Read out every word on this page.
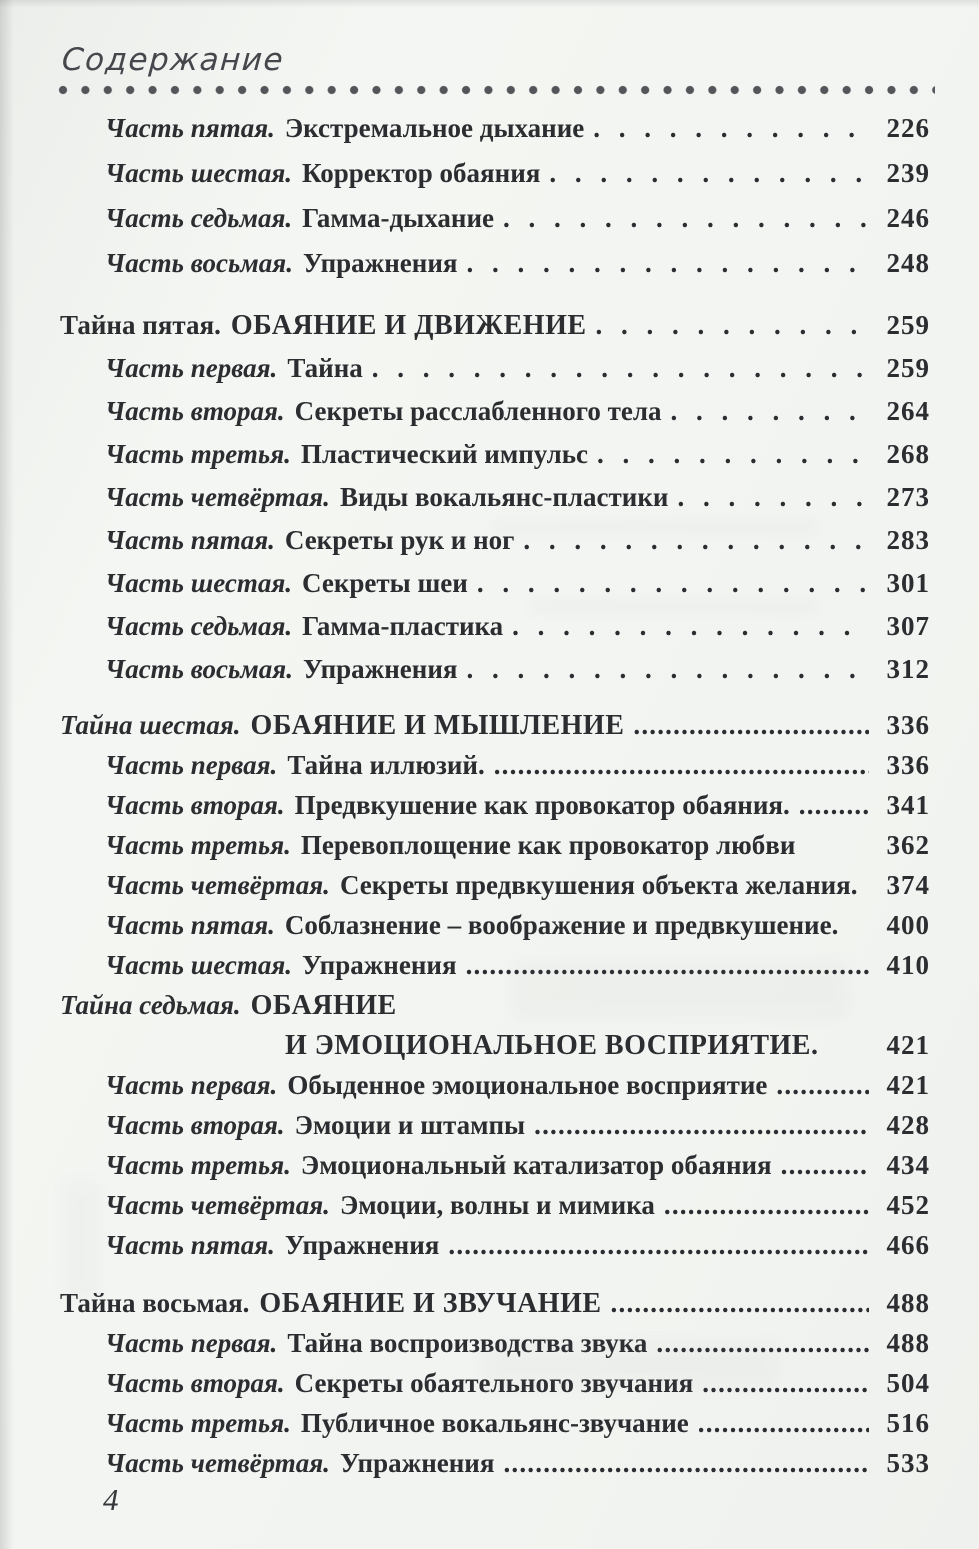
Содержание
Часть пятая. Экстремальное дыхание . . .	226
Часть шестая. Корректор обаяния . . .	239
Часть седьмая. Гамма-дыхание . . .	246
Часть восьмая. Упражнения . . .	248
Тайна пятая. ОБАЯНИЕ И ДВИЖЕНИЕ . . .	259
Часть первая. Тайна . . .	259
Часть вторая. Секреты расслабленного тела . . .	264
Часть третья. Пластический импульс . . .	268
Часть четвёртая. Виды вокальянс-пластики . . .	273
Часть пятая. Секреты рук и ног . . .	283
Часть шестая. Секреты шеи . . .	301
Часть седьмая. Гамма-пластика . . .	307
Часть восьмая. Упражнения . . .	312
Тайна шестая. ОБАЯНИЕ И МЫШЛЕНИЕ .....	336
Часть первая. Тайна иллюзий. .....	336
Часть вторая. Предвкушение как провокатор обаяния. .....	341
Часть третья. Перевоплощение как провокатор любви	362
Часть четвёртая. Секреты предвкушения объекта желания.	374
Часть пятая. Соблазнение – воображение и предвкушение.	400
Часть шестая. Упражнения .....	410
Тайна седьмая. ОБАЯНИЕ
И ЭМОЦИОНАЛЬНОЕ ВОСПРИЯТИЕ.	421
Часть первая. Обыденное эмоциональное восприятие .....	421
Часть вторая. Эмоции и штампы .....	428
Часть третья. Эмоциональный катализатор обаяния .....	434
Часть четвёртая. Эмоции, волны и мимика .....	452
Часть пятая. Упражнения .....	466
Тайна восьмая. ОБАЯНИЕ И ЗВУЧАНИЕ .....	488
Часть первая. Тайна воспроизводства звука .....	488
Часть вторая. Секреты обаятельного звучания .....	504
Часть третья. Публичное вокальянс-звучание .....	516
Часть четвёртая. Упражнения .....	533
4
